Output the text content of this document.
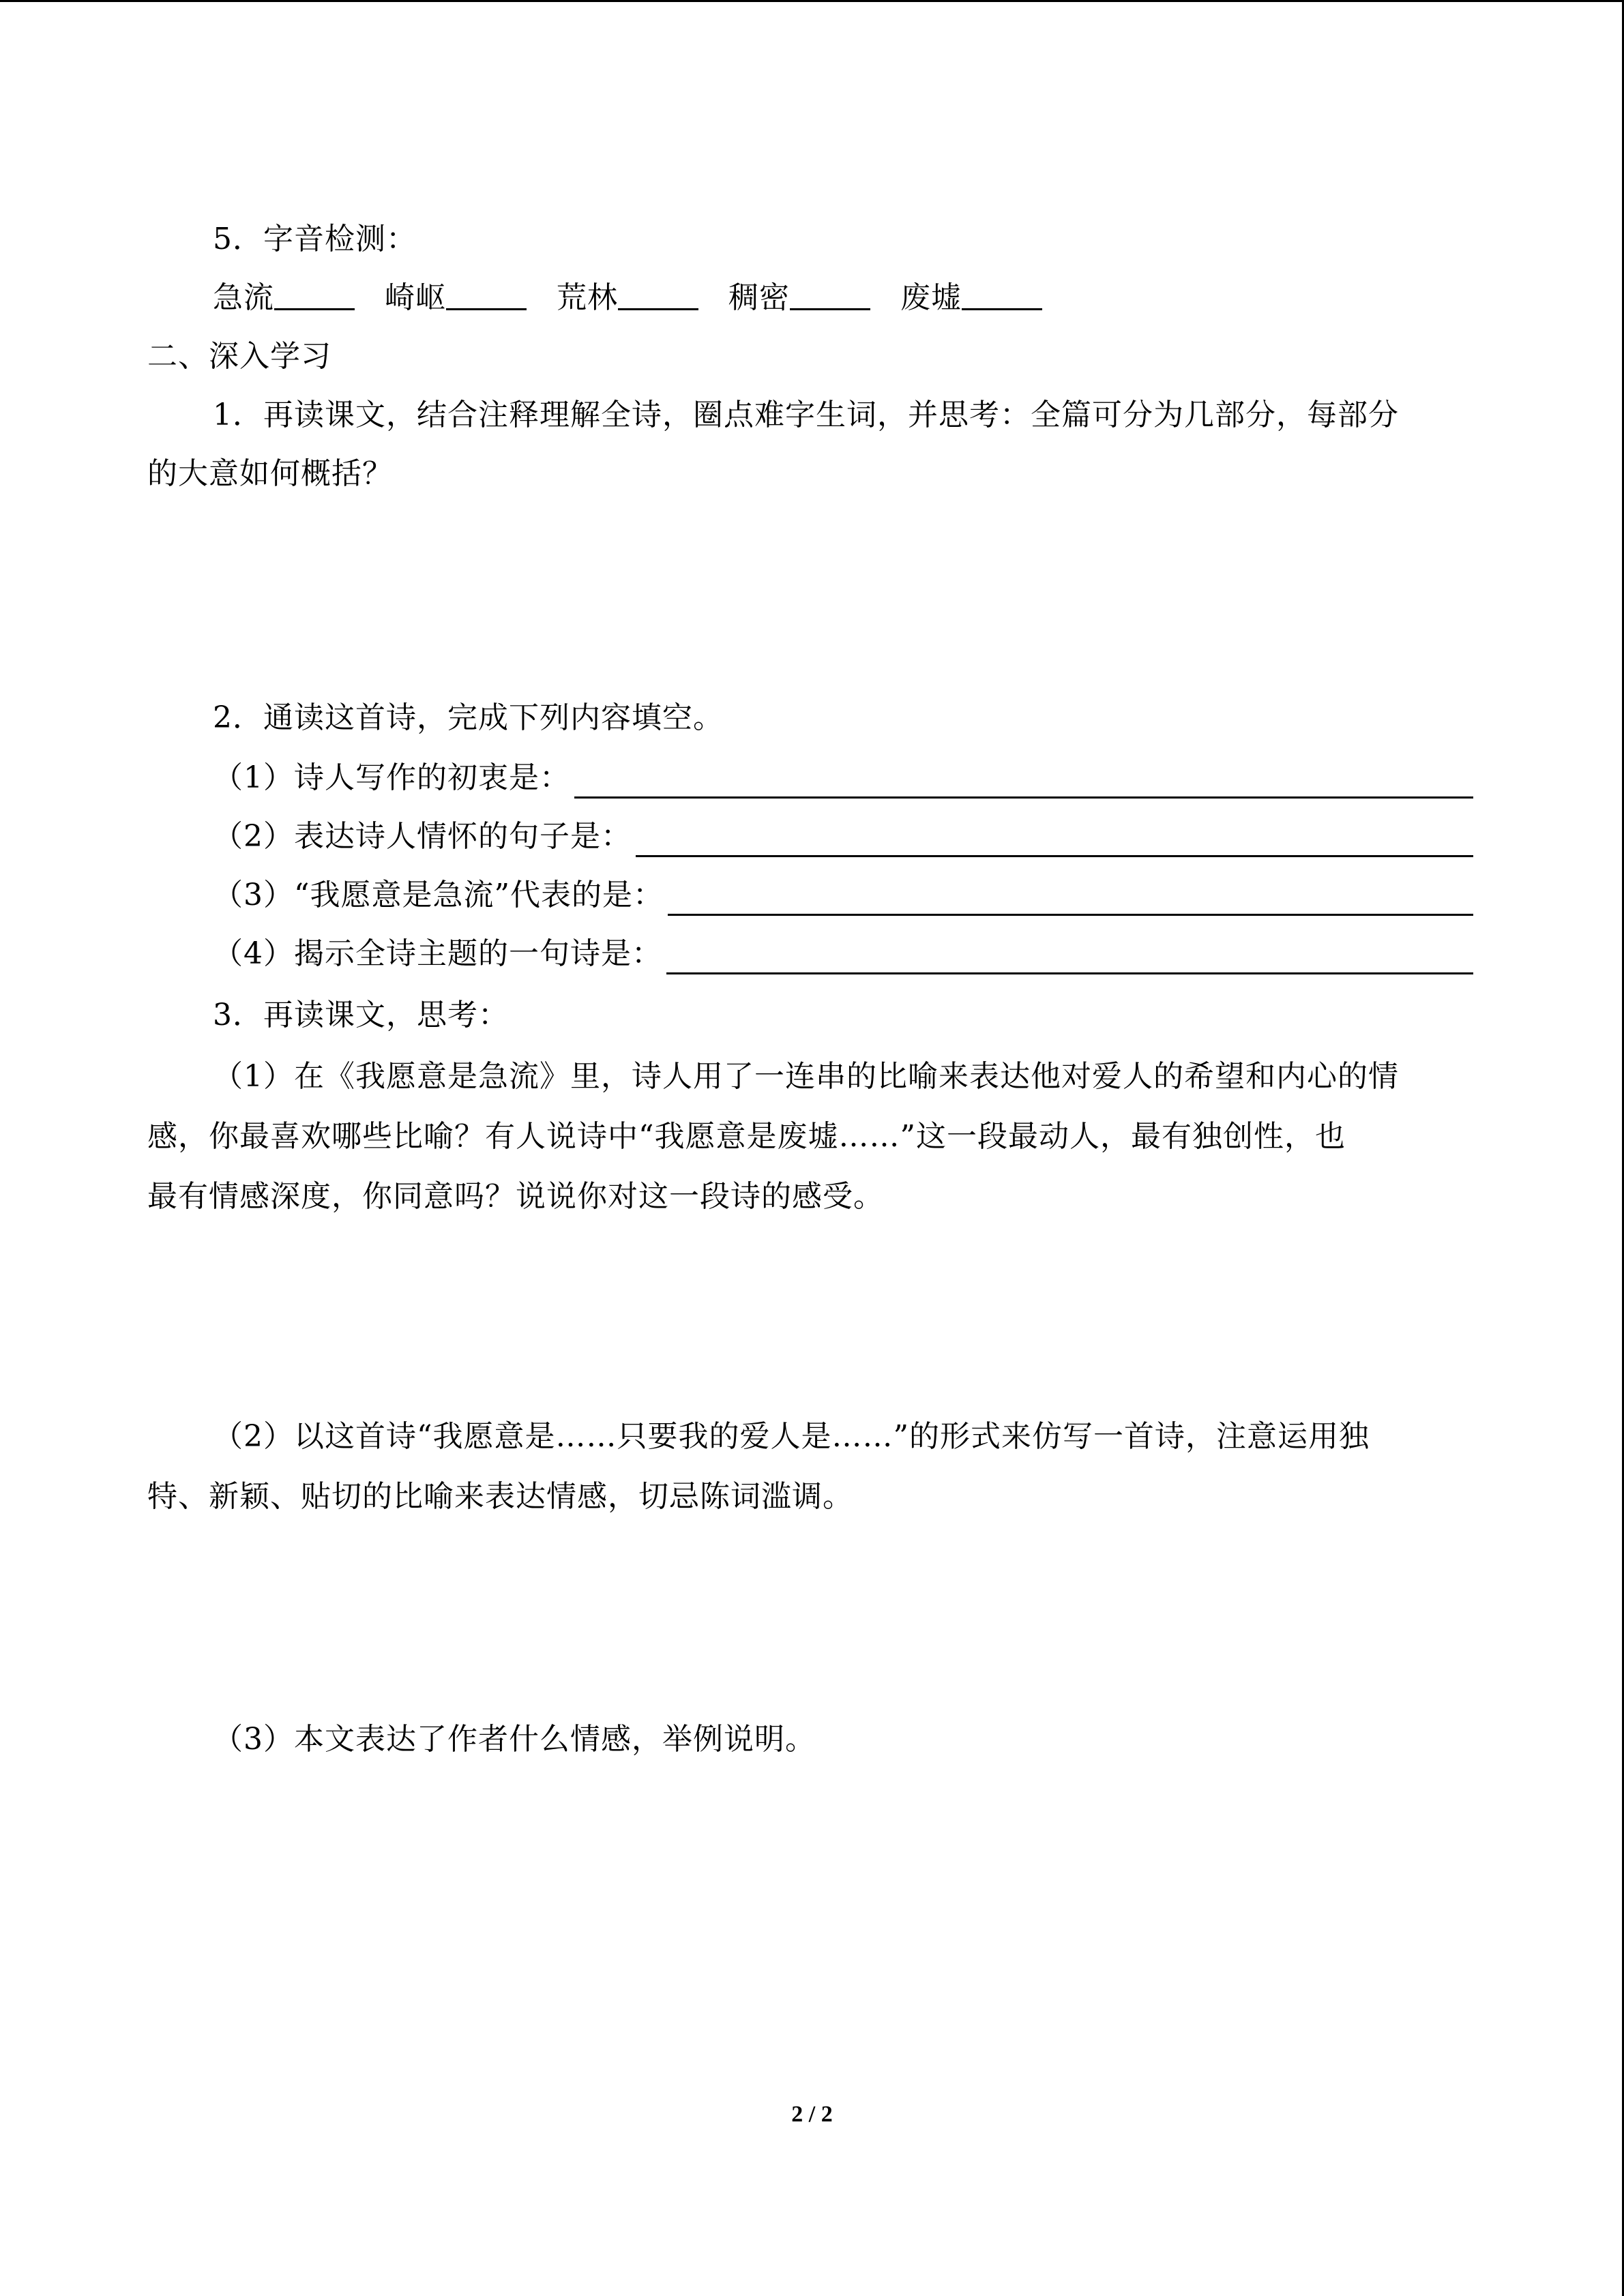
5．字音检测：
急流	崎岖	荒林	稠密	废墟
二、深入学习
1．再读课文，结合注释理解全诗，圈点难字生词，并思考：全篇可分为几部分，每部分
的大意如何概括？
2．通读这首诗，完成下列内容填空。
（1）诗人写作的初衷是：
（2）表达诗人情怀的句子是：
（3）“我愿意是急流”代表的是：
（4）揭示全诗主题的一句诗是：
3．再读课文，思考：
（1）在《我愿意是急流》里，诗人用了一连串的比喻来表达他对爱人的希望和内心的情
感，你最喜欢哪些比喻？有人说诗中“我愿意是废墟……”这一段最动人，最有独创性，也
最有情感深度，你同意吗？说说你对这一段诗的感受。
（2）以这首诗“我愿意是……只要我的爱人是……”的形式来仿写一首诗，注意运用独
特、新颖、贴切的比喻来表达情感，切忌陈词滥调。
（3）本文表达了作者什么情感，举例说明。
2 / 2
